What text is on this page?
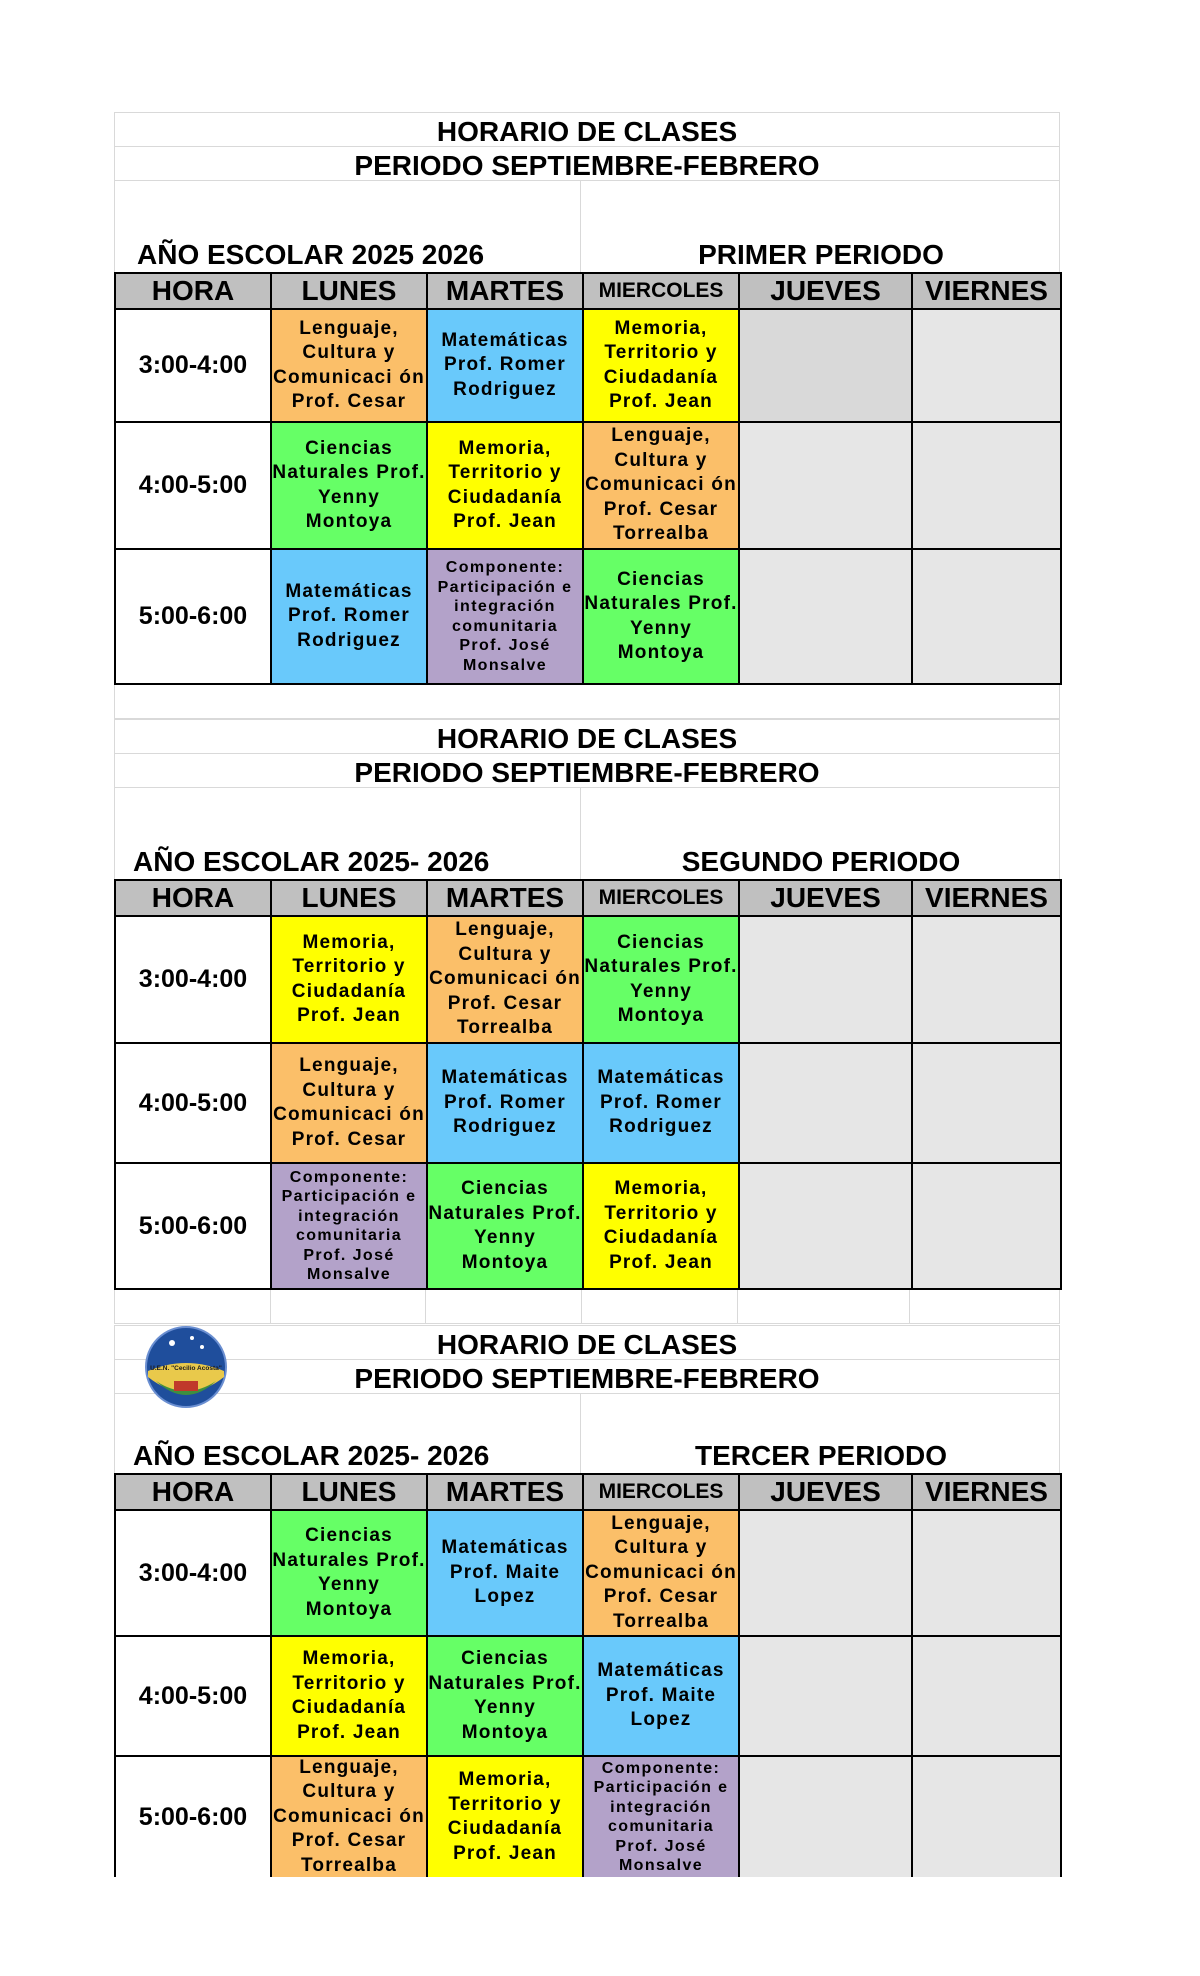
HORARIO DE CLASES
PERIODO SEPTIEMBRE-FEBRERO
AÑO ESCOLAR 2025 2026	PRIMER PERIODO
HORA	LUNES	MARTES	MIERCOLES	JUEVES	VIERNES
3:00-4:00	Lenguaje, Cultura y Comunicaci ón Prof. Cesar	Matemáticas Prof. Romer Rodriguez	Memoria, Territorio y Ciudadanía Prof. Jean		

4:00-5:00	Ciencias Naturales Prof. Yenny Montoya	Memoria, Territorio y Ciudadanía Prof. Jean	Lenguaje, Cultura y Comunicaci ón Prof. Cesar Torrealba		

5:00-6:00	Matemáticas Prof. Romer Rodriguez	Componente: Participación e integración comunitaria Prof. José Monsalve	Ciencias Naturales Prof. Yenny Montoya		

HORARIO DE CLASES
PERIODO SEPTIEMBRE-FEBRERO
AÑO ESCOLAR 2025- 2026	SEGUNDO PERIODO
HORA	LUNES	MARTES	MIERCOLES	JUEVES	VIERNES
3:00-4:00	Memoria, Territorio y Ciudadanía Prof. Jean	Lenguaje, Cultura y Comunicaci ón Prof. Cesar Torrealba	Ciencias Naturales Prof. Yenny Montoya		

4:00-5:00	Lenguaje, Cultura y Comunicaci ón Prof. Cesar	Matemáticas Prof. Romer Rodriguez	Matemáticas Prof. Romer Rodriguez		

5:00-6:00	Componente: Participación e integración comunitaria Prof. José Monsalve	Ciencias Naturales Prof. Yenny Montoya	Memoria, Territorio y Ciudadanía Prof. Jean		

HORARIO DE CLASES
PERIODO SEPTIEMBRE-FEBRERO
AÑO ESCOLAR 2025- 2026	TERCER PERIODO
HORA	LUNES	MARTES	MIERCOLES	JUEVES	VIERNES
3:00-4:00	Ciencias Naturales Prof. Yenny Montoya	Matemáticas Prof. Maite Lopez	Lenguaje, Cultura y Comunicaci ón Prof. Cesar Torrealba		

4:00-5:00	Memoria, Territorio y Ciudadanía Prof. Jean	Ciencias Naturales Prof. Yenny Montoya	Matemáticas Prof. Maite Lopez		

5:00-6:00	Lenguaje, Cultura y Comunicaci ón Prof. Cesar Torrealba	Memoria, Territorio y Ciudadanía Prof. Jean	Componente: Participación e integración comunitaria Prof. José Monsalve		

U.E.N. "Cecilio Acosta"
